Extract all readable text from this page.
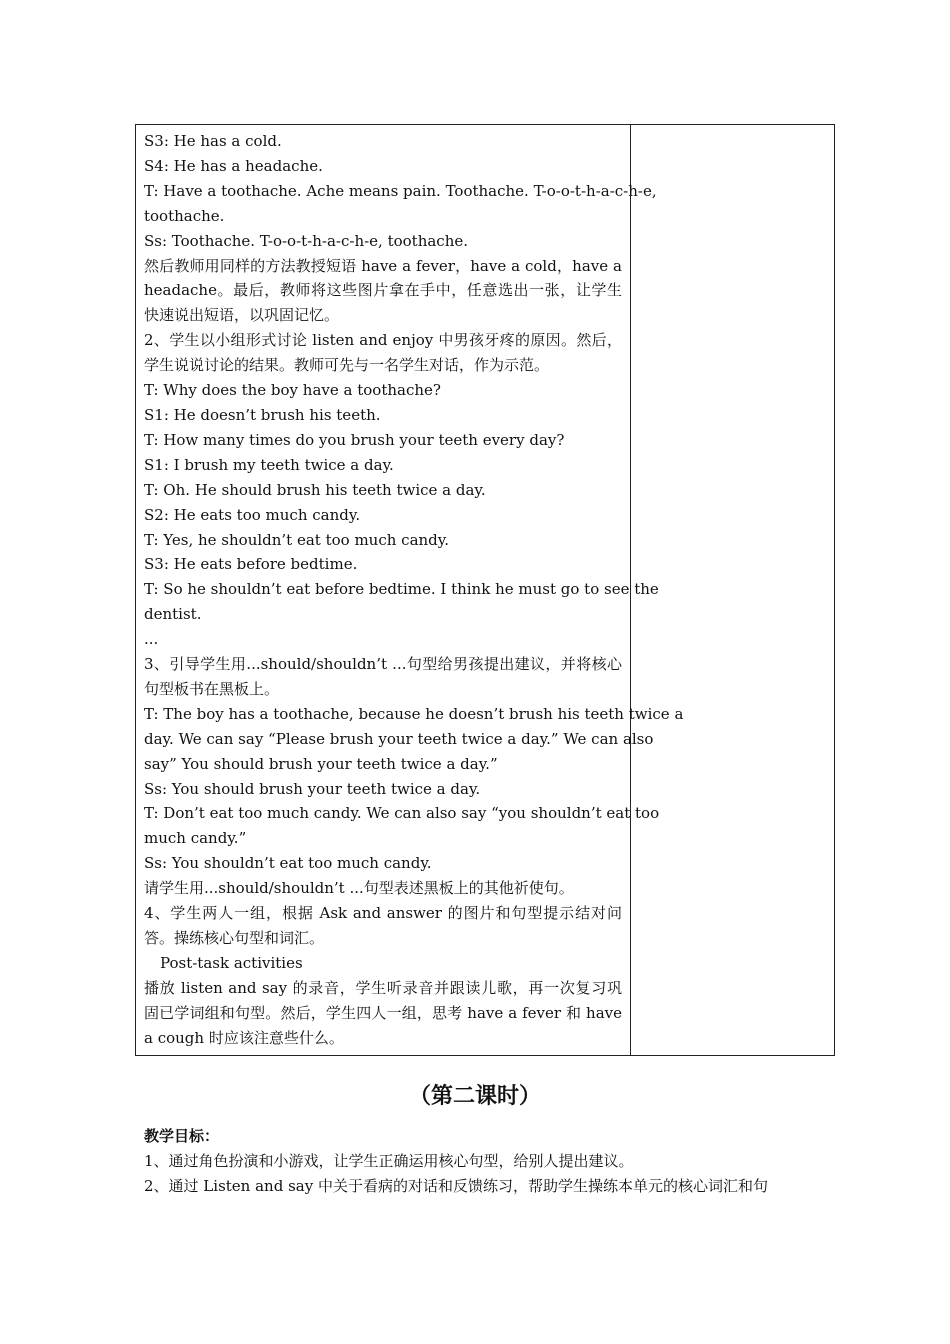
S3: He has a cold.
S4: He has a headache.
T: Have a toothache. Ache means pain. Toothache. T-o-o-t-h-a-c-h-e,
toothache.
Ss: Toothache. T-o-o-t-h-a-c-h-e, toothache.
然后教师用同样的方法教授短语 have a fever，have a cold，have a
headache。最后，教师将这些图片拿在手中，任意选出一张，让学生
快速说出短语，以巩固记忆。
2、学生以小组形式讨论 listen and enjoy 中男孩牙疼的原因。然后，
学生说说讨论的结果。教师可先与一名学生对话，作为示范。
T: Why does the boy have a toothache?
S1: He doesn’t brush his teeth.
T: How many times do you brush your teeth every day?
S1: I brush my teeth twice a day.
T: Oh. He should brush his teeth twice a day.
S2: He eats too much candy.
T: Yes, he shouldn’t eat too much candy.
S3: He eats before bedtime.
T: So he shouldn’t eat before bedtime. I think he must go to see the
dentist.
...
3、引导学生用...should/shouldn’t ...句型给男孩提出建议，并将核心
句型板书在黑板上。
T: The boy has a toothache, because he doesn’t brush his teeth twice a
day. We can say “Please brush your teeth twice a day.” We can also
say” You should brush your teeth twice a day.”
Ss: You should brush your teeth twice a day.
T: Don’t eat too much candy. We can also say “you shouldn’t eat too
much candy.”
Ss: You shouldn’t eat too much candy.
请学生用...should/shouldn’t ...句型表述黑板上的其他祈使句。
4、学生两人一组，根据 Ask and answer 的图片和句型提示结对问
答。操练核心句型和词汇。
Post-task activities
播放 listen and say 的录音，学生听录音并跟读儿歌，再一次复习巩
固已学词组和句型。然后，学生四人一组，思考 have a fever 和 have
a cough 时应该注意些什么。

（第二课时）
教学目标：
1、通过角色扮演和小游戏，让学生正确运用核心句型，给别人提出建议。
2、通过 Listen and say 中关于看病的对话和反馈练习，帮助学生操练本单元的核心词汇和句
